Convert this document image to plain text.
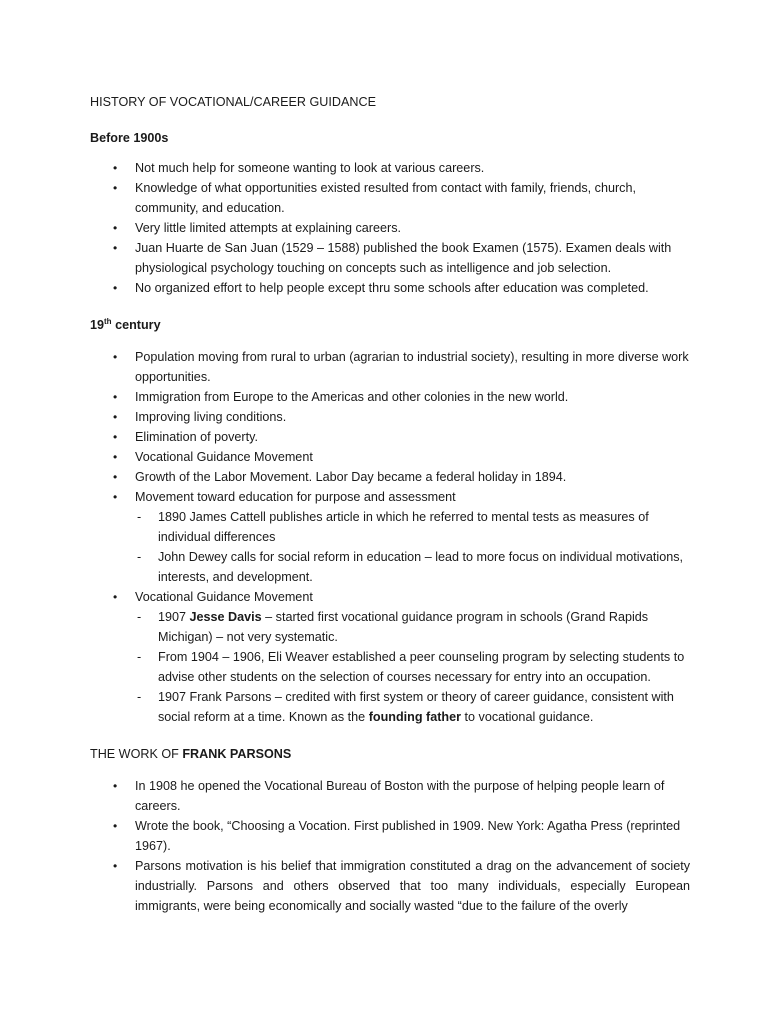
HISTORY OF VOCATIONAL/CAREER GUIDANCE

Before 1900s

• Not much help for someone wanting to look at various careers.
• Knowledge of what opportunities existed resulted from contact with family, friends, church, community, and education.
• Very little limited attempts at explaining careers.
• Juan Huarte de San Juan (1529 – 1588) published the book Examen (1575). Examen deals with physiological psychology touching on concepts such as intelligence and job selection.
• No organized effort to help people except thru some schools after education was completed.

19th century

• Population moving from rural to urban (agrarian to industrial society), resulting in more diverse work opportunities.
• Immigration from Europe to the Americas and other colonies in the new world.
• Improving living conditions.
• Elimination of poverty.
• Vocational Guidance Movement
• Growth of the Labor Movement. Labor Day became a federal holiday in 1894.
• Movement toward education for purpose and assessment
- 1890 James Cattell publishes article in which he referred to mental tests as measures of individual differences
- John Dewey calls for social reform in education – lead to more focus on individual motivations, interests, and development.
• Vocational Guidance Movement
- 1907 Jesse Davis – started first vocational guidance program in schools (Grand Rapids Michigan) – not very systematic.
- From 1904 – 1906, Eli Weaver established a peer counseling program by selecting students to advise other students on the selection of courses necessary for entry into an occupation.
- 1907 Frank Parsons – credited with first system or theory of career guidance, consistent with social reform at a time. Known as the founding father to vocational guidance.

THE WORK OF FRANK PARSONS

• In 1908 he opened the Vocational Bureau of Boston with the purpose of helping people learn of careers.
• Wrote the book, “Choosing a Vocation. First published in 1909. New York: Agatha Press (reprinted 1967).
• Parsons motivation is his belief that immigration constituted a drag on the advancement of society industrially. Parsons and others observed that too many individuals, especially European immigrants, were being economically and socially wasted “due to the failure of the overly
